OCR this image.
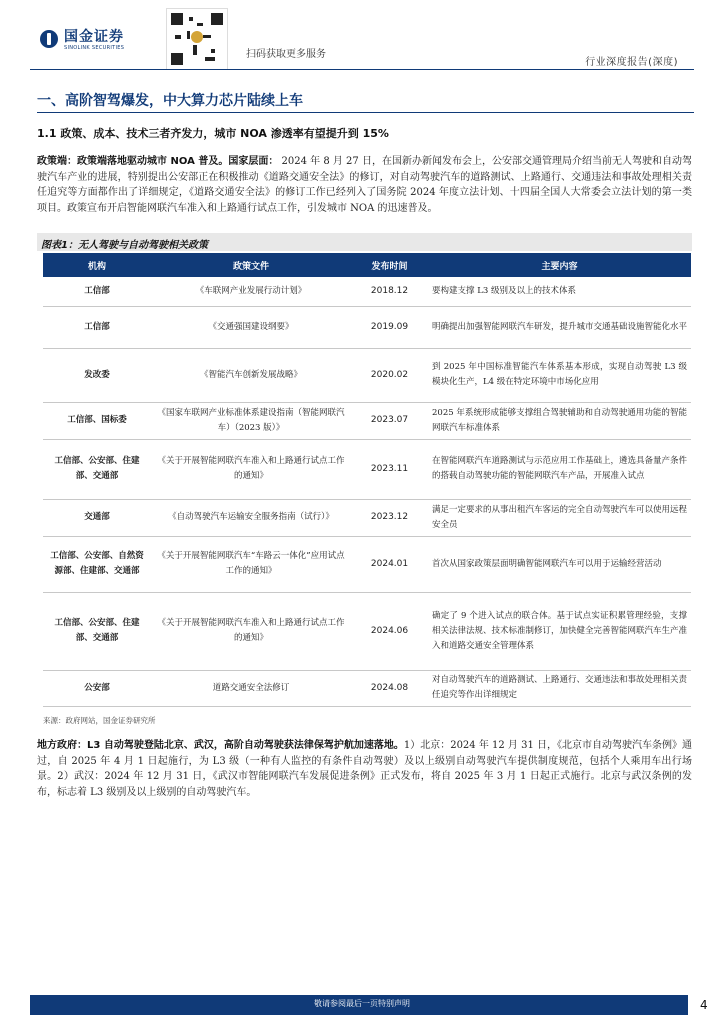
国金证券
SINOLINK SECURITIES
扫码获取更多服务
行业深度报告(深度)
一、高阶智驾爆发，中大算力芯片陆续上车
1.1 政策、成本、技术三者齐发力，城市 NOA 渗透率有望提升到 15%
政策端：政策端落地驱动城市 NOA 普及。国家层面： 2024 年 8 月 27 日，在国新办新闻发布会上，公安部交通管理局介绍当前无人驾驶和自动驾驶汽车产业的进展，特别提出公安部正在积极推动《道路交通安全法》的修订，对自动驾驶汽车的道路测试、上路通行、交通违法和事故处理相关责任追究等方面都作出了详细规定，《道路交通安全法》的修订工作已经列入了国务院 2024 年度立法计划、十四届全国人大常委会立法计划的第一类项目。政策宣布开启智能网联汽车准入和上路通行试点工作，引发城市 NOA 的迅速普及。
图表1：无人驾驶与自动驾驶相关政策
机构	政策文件	发布时间	主要内容
工信部	《车联网产业发展行动计划》	2018.12	要构建支撑 L3 级别及以上的技术体系
工信部	《交通强国建设纲要》	2019.09	明确提出加强智能网联汽车研发，提升城市交通基础设施智能化水平
发改委	《智能汽车创新发展战略》	2020.02	到 2025 年中国标准智能汽车体系基本形成，实现自动驾驶 L3 级模块化生产，L4 级在特定环境中市场化应用
工信部、国标委	《国家车联网产业标准体系建设指南（智能网联汽车）（2023 版）》	2023.07	2025 年系统形成能够支撑组合驾驶辅助和自动驾驶通用功能的智能网联汽车标准体系
工信部、公安部、住建部、交通部	《关于开展智能网联汽车准入和上路通行试点工作的通知》	2023.11	在智能网联汽车道路测试与示范应用工作基础上，遴选具备量产条件的搭载自动驾驶功能的智能网联汽车产品，开展准入试点
交通部	《自动驾驶汽车运输安全服务指南（试行）》	2023.12	满足一定要求的从事出租汽车客运的完全自动驾驶汽车可以使用远程安全员
工信部、公安部、自然资源部、住建部、交通部	《关于开展智能网联汽车“车路云一体化”应用试点工作的通知》	2024.01	首次从国家政策层面明确智能网联汽车可以用于运输经营活动
工信部、公安部、住建部、交通部	《关于开展智能网联汽车准入和上路通行试点工作的通知》	2024.06	确定了 9 个进入试点的联合体。基于试点实证积累管理经验，支撑相关法律法规、技术标准制修订，加快健全完善智能网联汽车生产准入和道路交通安全管理体系
公安部	道路交通安全法修订	2024.08	对自动驾驶汽车的道路测试、上路通行、交通违法和事故处理相关责任追究等作出详细规定
来源：政府网站，国金证券研究所
地方政府：L3 自动驾驶登陆北京、武汉，高阶自动驾驶获法律保驾护航加速落地。1）北京：2024 年 12 月 31 日，《北京市自动驾驶汽车条例》通过，自 2025 年 4 月 1 日起施行，为 L3 级（一种有人监控的有条件自动驾驶）及以上级别自动驾驶汽车提供制度规范，包括个人乘用车出行场景。2）武汉：2024 年 12 月 31 日，《武汉市智能网联汽车发展促进条例》正式发布，将自 2025 年 3 月 1 日起正式施行。北京与武汉条例的发布，标志着 L3 级别及以上级别的自动驾驶汽车。
敬请参阅最后一页特别声明	4
